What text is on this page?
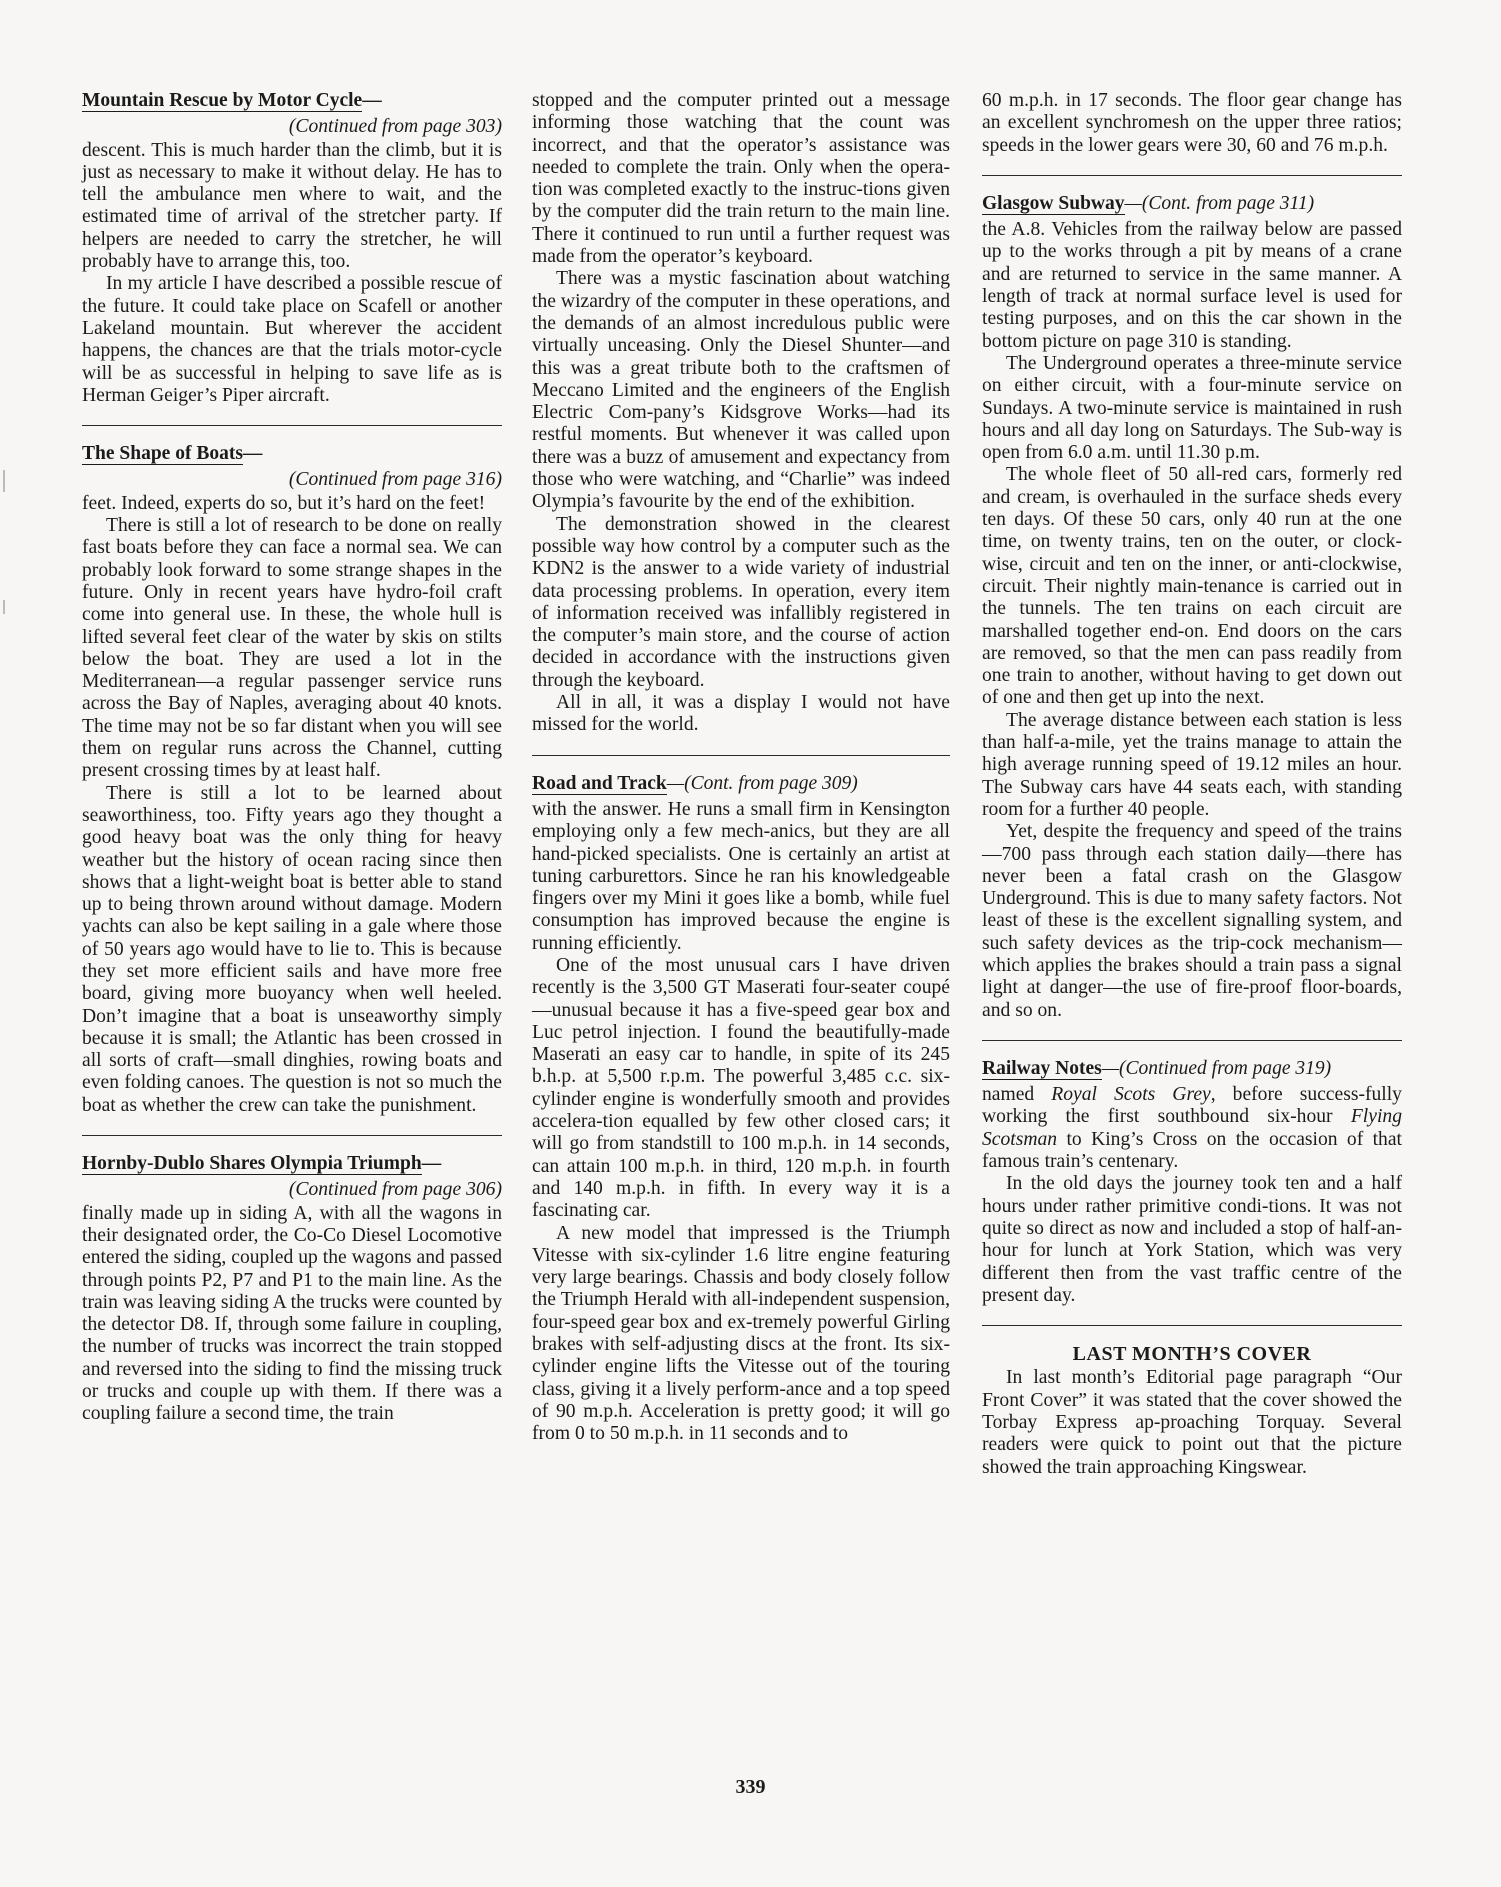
Mountain Rescue by Motor Cycle—
(Continued from page 303)

descent. This is much harder than the climb, but it is just as necessary to make it without delay. He has to tell the ambulance men where to wait, and the estimated time of arrival of the stretcher party. If helpers are needed to carry the stretcher, he will probably have to arrange this, too.

In my article I have described a possible rescue of the future. It could take place on Scafell or another Lakeland mountain. But wherever the accident happens, the chances are that the trials motor-cycle will be as successful in helping to save life as is Herman Geiger’s Piper aircraft.

The Shape of Boats—
(Continued from page 316)

feet. Indeed, experts do so, but it’s hard on the feet!

There is still a lot of research to be done on really fast boats before they can face a normal sea. We can probably look forward to some strange shapes in the future. Only in recent years have hydro-foil craft come into general use. In these, the whole hull is lifted several feet clear of the water by skis on stilts below the boat. They are used a lot in the Mediterranean—a regular passenger service runs across the Bay of Naples, averaging about 40 knots. The time may not be so far distant when you will see them on regular runs across the Channel, cutting present crossing times by at least half.

There is still a lot to be learned about seaworthiness, too. Fifty years ago they thought a good heavy boat was the only thing for heavy weather but the history of ocean racing since then shows that a light-weight boat is better able to stand up to being thrown around without damage. Modern yachts can also be kept sailing in a gale where those of 50 years ago would have to lie to. This is because they set more efficient sails and have more free board, giving more buoyancy when well heeled. Don’t imagine that a boat is unseaworthy simply because it is small; the Atlantic has been crossed in all sorts of craft—small dinghies, rowing boats and even folding canoes. The question is not so much the boat as whether the crew can take the punishment.

Hornby-Dublo Shares Olympia Triumph—
(Continued from page 306)

finally made up in siding A, with all the wagons in their designated order, the Co-Co Diesel Locomotive entered the siding, coupled up the wagons and passed through points P2, P7 and P1 to the main line. As the train was leaving siding A the trucks were counted by the detector D8. If, through some failure in coupling, the number of trucks was incorrect the train stopped and reversed into the siding to find the missing truck or trucks and couple up with them. If there was a coupling failure a second time, the train

stopped and the computer printed out a message informing those watching that the count was incorrect, and that the operator’s assistance was needed to complete the train. Only when the opera-tion was completed exactly to the instruc-tions given by the computer did the train return to the main line. There it continued to run until a further request was made from the operator’s keyboard.

There was a mystic fascination about watching the wizardry of the computer in these operations, and the demands of an almost incredulous public were virtually unceasing. Only the Diesel Shunter—and this was a great tribute both to the craftsmen of Meccano Limited and the engineers of the English Electric Com-pany’s Kidsgrove Works—had its restful moments. But whenever it was called upon there was a buzz of amusement and expectancy from those who were watching, and “Charlie” was indeed Olympia’s favourite by the end of the exhibition.

The demonstration showed in the clearest possible way how control by a computer such as the KDN2 is the answer to a wide variety of industrial data processing problems. In operation, every item of information received was infallibly registered in the computer’s main store, and the course of action decided in accordance with the instructions given through the keyboard.

All in all, it was a display I would not have missed for the world.

Road and Track—(Cont. from page 309)

with the answer. He runs a small firm in Kensington employing only a few mech-anics, but they are all hand-picked specialists. One is certainly an artist at tuning carburettors. Since he ran his knowledgeable fingers over my Mini it goes like a bomb, while fuel consumption has improved because the engine is running efficiently.

One of the most unusual cars I have driven recently is the 3,500 GT Maserati four-seater coupé—unusual because it has a five-speed gear box and Luc petrol injection. I found the beautifully-made Maserati an easy car to handle, in spite of its 245 b.h.p. at 5,500 r.p.m. The powerful 3,485 c.c. six-cylinder engine is wonderfully smooth and provides accelera-tion equalled by few other closed cars; it will go from standstill to 100 m.p.h. in 14 seconds, can attain 100 m.p.h. in third, 120 m.p.h. in fourth and 140 m.p.h. in fifth. In every way it is a fascinating car.

A new model that impressed is the Triumph Vitesse with six-cylinder 1.6 litre engine featuring very large bearings. Chassis and body closely follow the Triumph Herald with all-independent suspension, four-speed gear box and ex-tremely powerful Girling brakes with self-adjusting discs at the front. Its six-cylinder engine lifts the Vitesse out of the touring class, giving it a lively perform-ance and a top speed of 90 m.p.h. Acceleration is pretty good; it will go from 0 to 50 m.p.h. in 11 seconds and to

60 m.p.h. in 17 seconds. The floor gear change has an excellent synchromesh on the upper three ratios; speeds in the lower gears were 30, 60 and 76 m.p.h.

Glasgow Subway—(Cont. from page 311)

the A.8. Vehicles from the railway below are passed up to the works through a pit by means of a crane and are returned to service in the same manner. A length of track at normal surface level is used for testing purposes, and on this the car shown in the bottom picture on page 310 is standing.

The Underground operates a three-minute service on either circuit, with a four-minute service on Sundays. A two-minute service is maintained in rush hours and all day long on Saturdays. The Sub-way is open from 6.0 a.m. until 11.30 p.m.

The whole fleet of 50 all-red cars, formerly red and cream, is overhauled in the surface sheds every ten days. Of these 50 cars, only 40 run at the one time, on twenty trains, ten on the outer, or clock-wise, circuit and ten on the inner, or anti-clockwise, circuit. Their nightly main-tenance is carried out in the tunnels. The ten trains on each circuit are marshalled together end-on. End doors on the cars are removed, so that the men can pass readily from one train to another, without having to get down out of one and then get up into the next.

The average distance between each station is less than half-a-mile, yet the trains manage to attain the high average running speed of 19.12 miles an hour. The Subway cars have 44 seats each, with standing room for a further 40 people.

Yet, despite the frequency and speed of the trains—700 pass through each station daily—there has never been a fatal crash on the Glasgow Underground. This is due to many safety factors. Not least of these is the excellent signalling system, and such safety devices as the trip-cock mechanism—which applies the brakes should a train pass a signal light at danger—the use of fire-proof floor-boards, and so on.

Railway Notes—(Continued from page 319)

named Royal Scots Grey, before success-fully working the first southbound six-hour Flying Scotsman to King’s Cross on the occasion of that famous train’s centenary.

In the old days the journey took ten and a half hours under rather primitive condi-tions. It was not quite so direct as now and included a stop of half-an-hour for lunch at York Station, which was very different then from the vast traffic centre of the present day.

LAST MONTH’S COVER

In last month’s Editorial page paragraph “Our Front Cover” it was stated that the cover showed the Torbay Express ap-proaching Torquay. Several readers were quick to point out that the picture showed the train approaching Kingswear.

339
